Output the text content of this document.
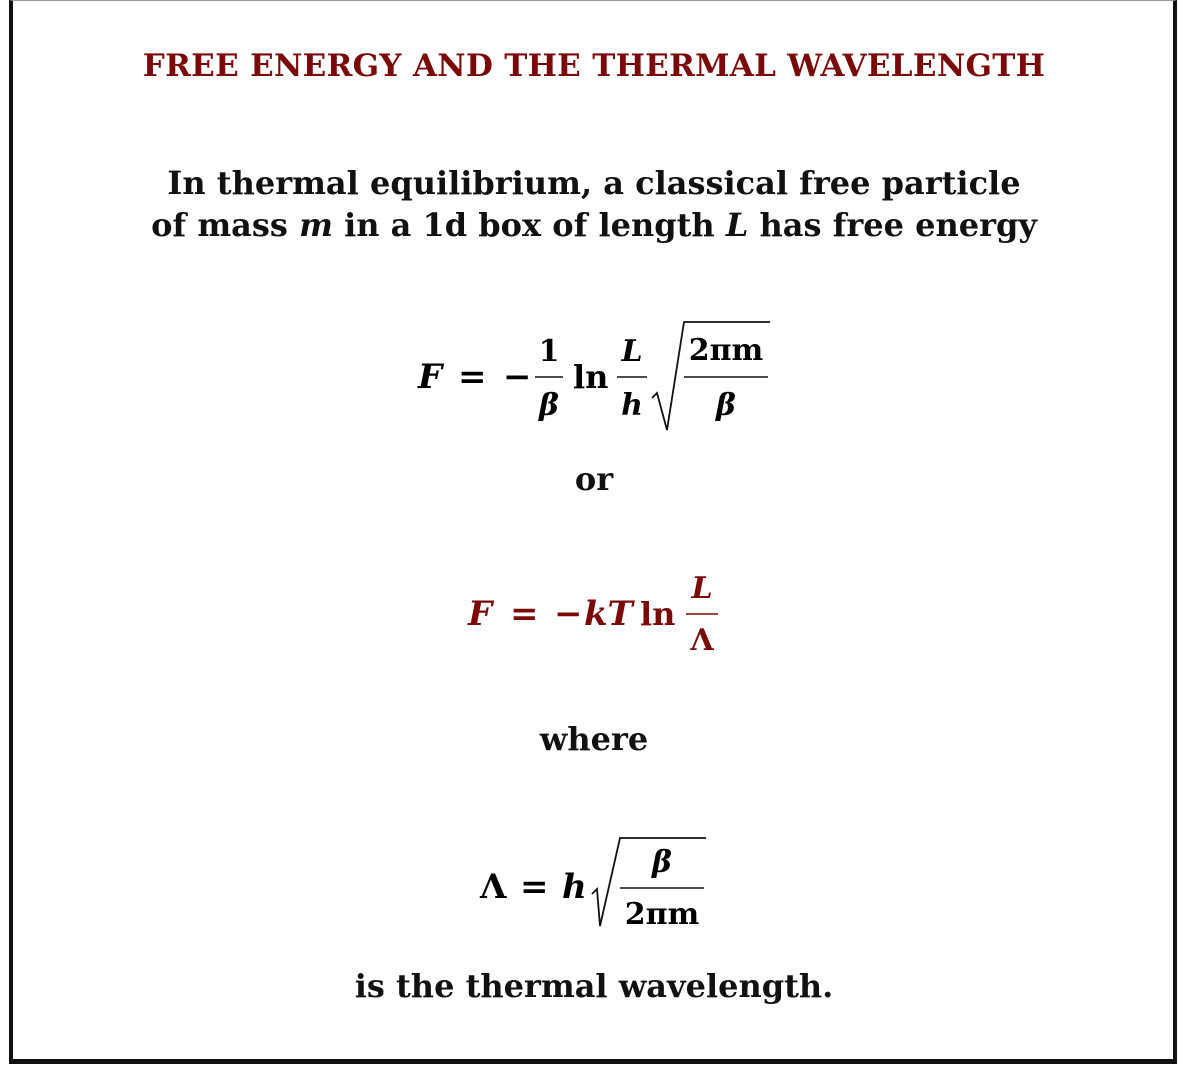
FREE ENERGY AND THE THERMAL WAVELENGTH
In thermal equilibrium, a classical free particle
of mass m in a 1d box of length L has free energy
F = −
1
β
ln
L
h
2πm
β
or
F = − kT ln
L
Λ
where
Λ = h
β
2πm
is the thermal wavelength.
